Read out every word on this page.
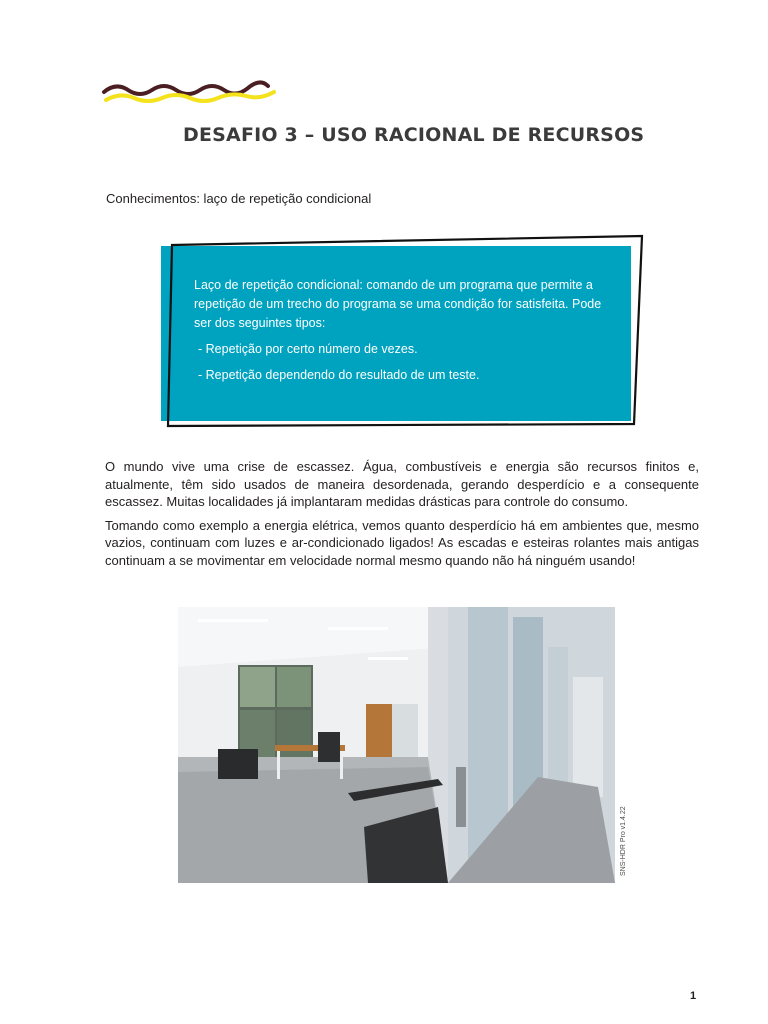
DESAFIO 3 – USO RACIONAL DE RECURSOS
Conhecimentos: laço de repetição condicional

Laço de repetição condicional: comando de um programa que permite a repetição de um trecho do programa se uma condição for satisfeita. Pode ser dos seguintes tipos:

- Repetição por certo número de vezes.

- Repetição dependendo do resultado de um teste.

O mundo vive uma crise de escassez. Água, combustíveis e energia são recursos finitos e, atualmente, têm sido usados de maneira desordenada, gerando desperdício e a consequente escassez. Muitas localidades já implantaram medidas drásticas para controle do consumo.

Tomando como exemplo a energia elétrica, vemos quanto desperdício há em ambientes que, mesmo vazios, continuam com luzes e ar-condicionado ligados! As escadas e esteiras rolantes mais antigas continuam a se movimentar em velocidade normal mesmo quando não há ninguém usando!

SNS-HDR Pro v1.4.22
1
